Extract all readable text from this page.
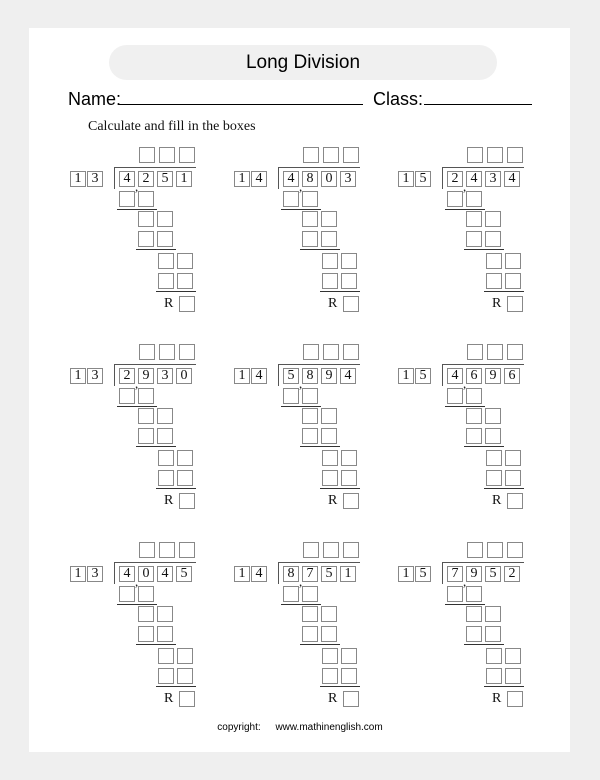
Long Division
Name:	Class:
Calculate and fill in the boxes
1 3	4 2 5 1
,
R
1 4	4 8 0 3
,
R
1 5	2 4 3 4
,
R
1 3	2 9 3 0
,
R
1 4	5 8 9 4
,
R
1 5	4 6 9 6
,
R
1 3	4 0 4 5
,
R
1 4	8 7 5 1
,
R
1 5	7 9 5 2
,
R
copyright: www.mathinenglish.com
